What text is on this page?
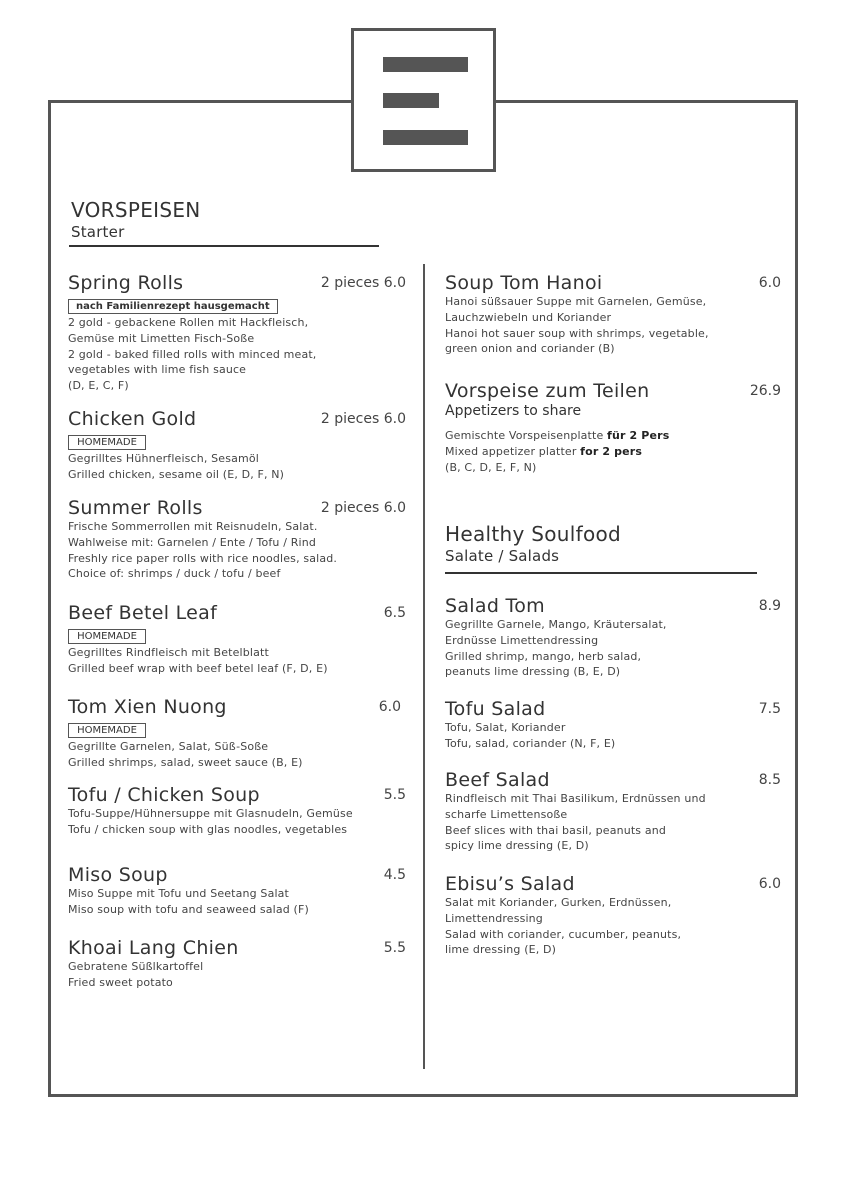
VORSPEISEN
Starter
Spring Rolls	2 pieces 6.0
nach Familienrezept hausgemacht
2 gold - gebackene Rollen mit Hackfleisch,
Gemüse mit Limetten Fisch-Soße
2 gold - baked filled rolls with minced meat,
vegetables with lime fish sauce
(D, E, C, F)
Chicken Gold	2 pieces 6.0
HOMEMADE
Gegrilltes Hühnerfleisch, Sesamöl
Grilled chicken, sesame oil (E, D, F, N)
Summer Rolls	2 pieces 6.0
Frische Sommerrollen mit Reisnudeln, Salat.
Wahlweise mit: Garnelen / Ente / Tofu / Rind
Freshly rice paper rolls with rice noodles, salad.
Choice of: shrimps / duck / tofu / beef
Beef Betel Leaf	6.5
HOMEMADE
Gegrilltes Rindfleisch mit Betelblatt
Grilled beef wrap with beef betel leaf (F, D, E)
Tom Xien Nuong	6.0
HOMEMADE
Gegrillte Garnelen, Salat, Süß-Soße
Grilled shrimps, salad, sweet sauce (B, E)
Tofu / Chicken Soup	5.5
Tofu-Suppe/Hühnersuppe mit Glasnudeln, Gemüse
Tofu / chicken soup with glas noodles, vegetables
Miso Soup	4.5
Miso Suppe mit Tofu und Seetang Salat
Miso soup with tofu and seaweed salad (F)
Khoai Lang Chien	5.5
Gebratene Süßlkartoffel
Fried sweet potato
Soup Tom Hanoi	6.0
Hanoi süßsauer Suppe mit Garnelen, Gemüse,
Lauchzwiebeln und Koriander
Hanoi hot sauer soup with shrimps, vegetable,
green onion and coriander (B)
Vorspeise zum Teilen	26.9
Appetizers to share
Gemischte Vorspeisenplatte für 2 Pers
Mixed appetizer platter for 2 pers
(B, C, D, E, F, N)
Healthy Soulfood
Salate / Salads
Salad Tom	8.9
Gegrillte Garnele, Mango, Kräutersalat,
Erdnüsse Limettendressing
Grilled shrimp, mango, herb salad,
peanuts lime dressing (B, E, D)
Tofu Salad	7.5
Tofu, Salat, Koriander
Tofu, salad, coriander (N, F, E)
Beef Salad	8.5
Rindfleisch mit Thai Basilikum, Erdnüssen und
scharfe Limettensoße
Beef slices with thai basil, peanuts and
spicy lime dressing (E, D)
Ebisu’s Salad	6.0
Salat mit Koriander, Gurken, Erdnüssen,
Limettendressing
Salad with coriander, cucumber, peanuts,
lime dressing (E, D)
